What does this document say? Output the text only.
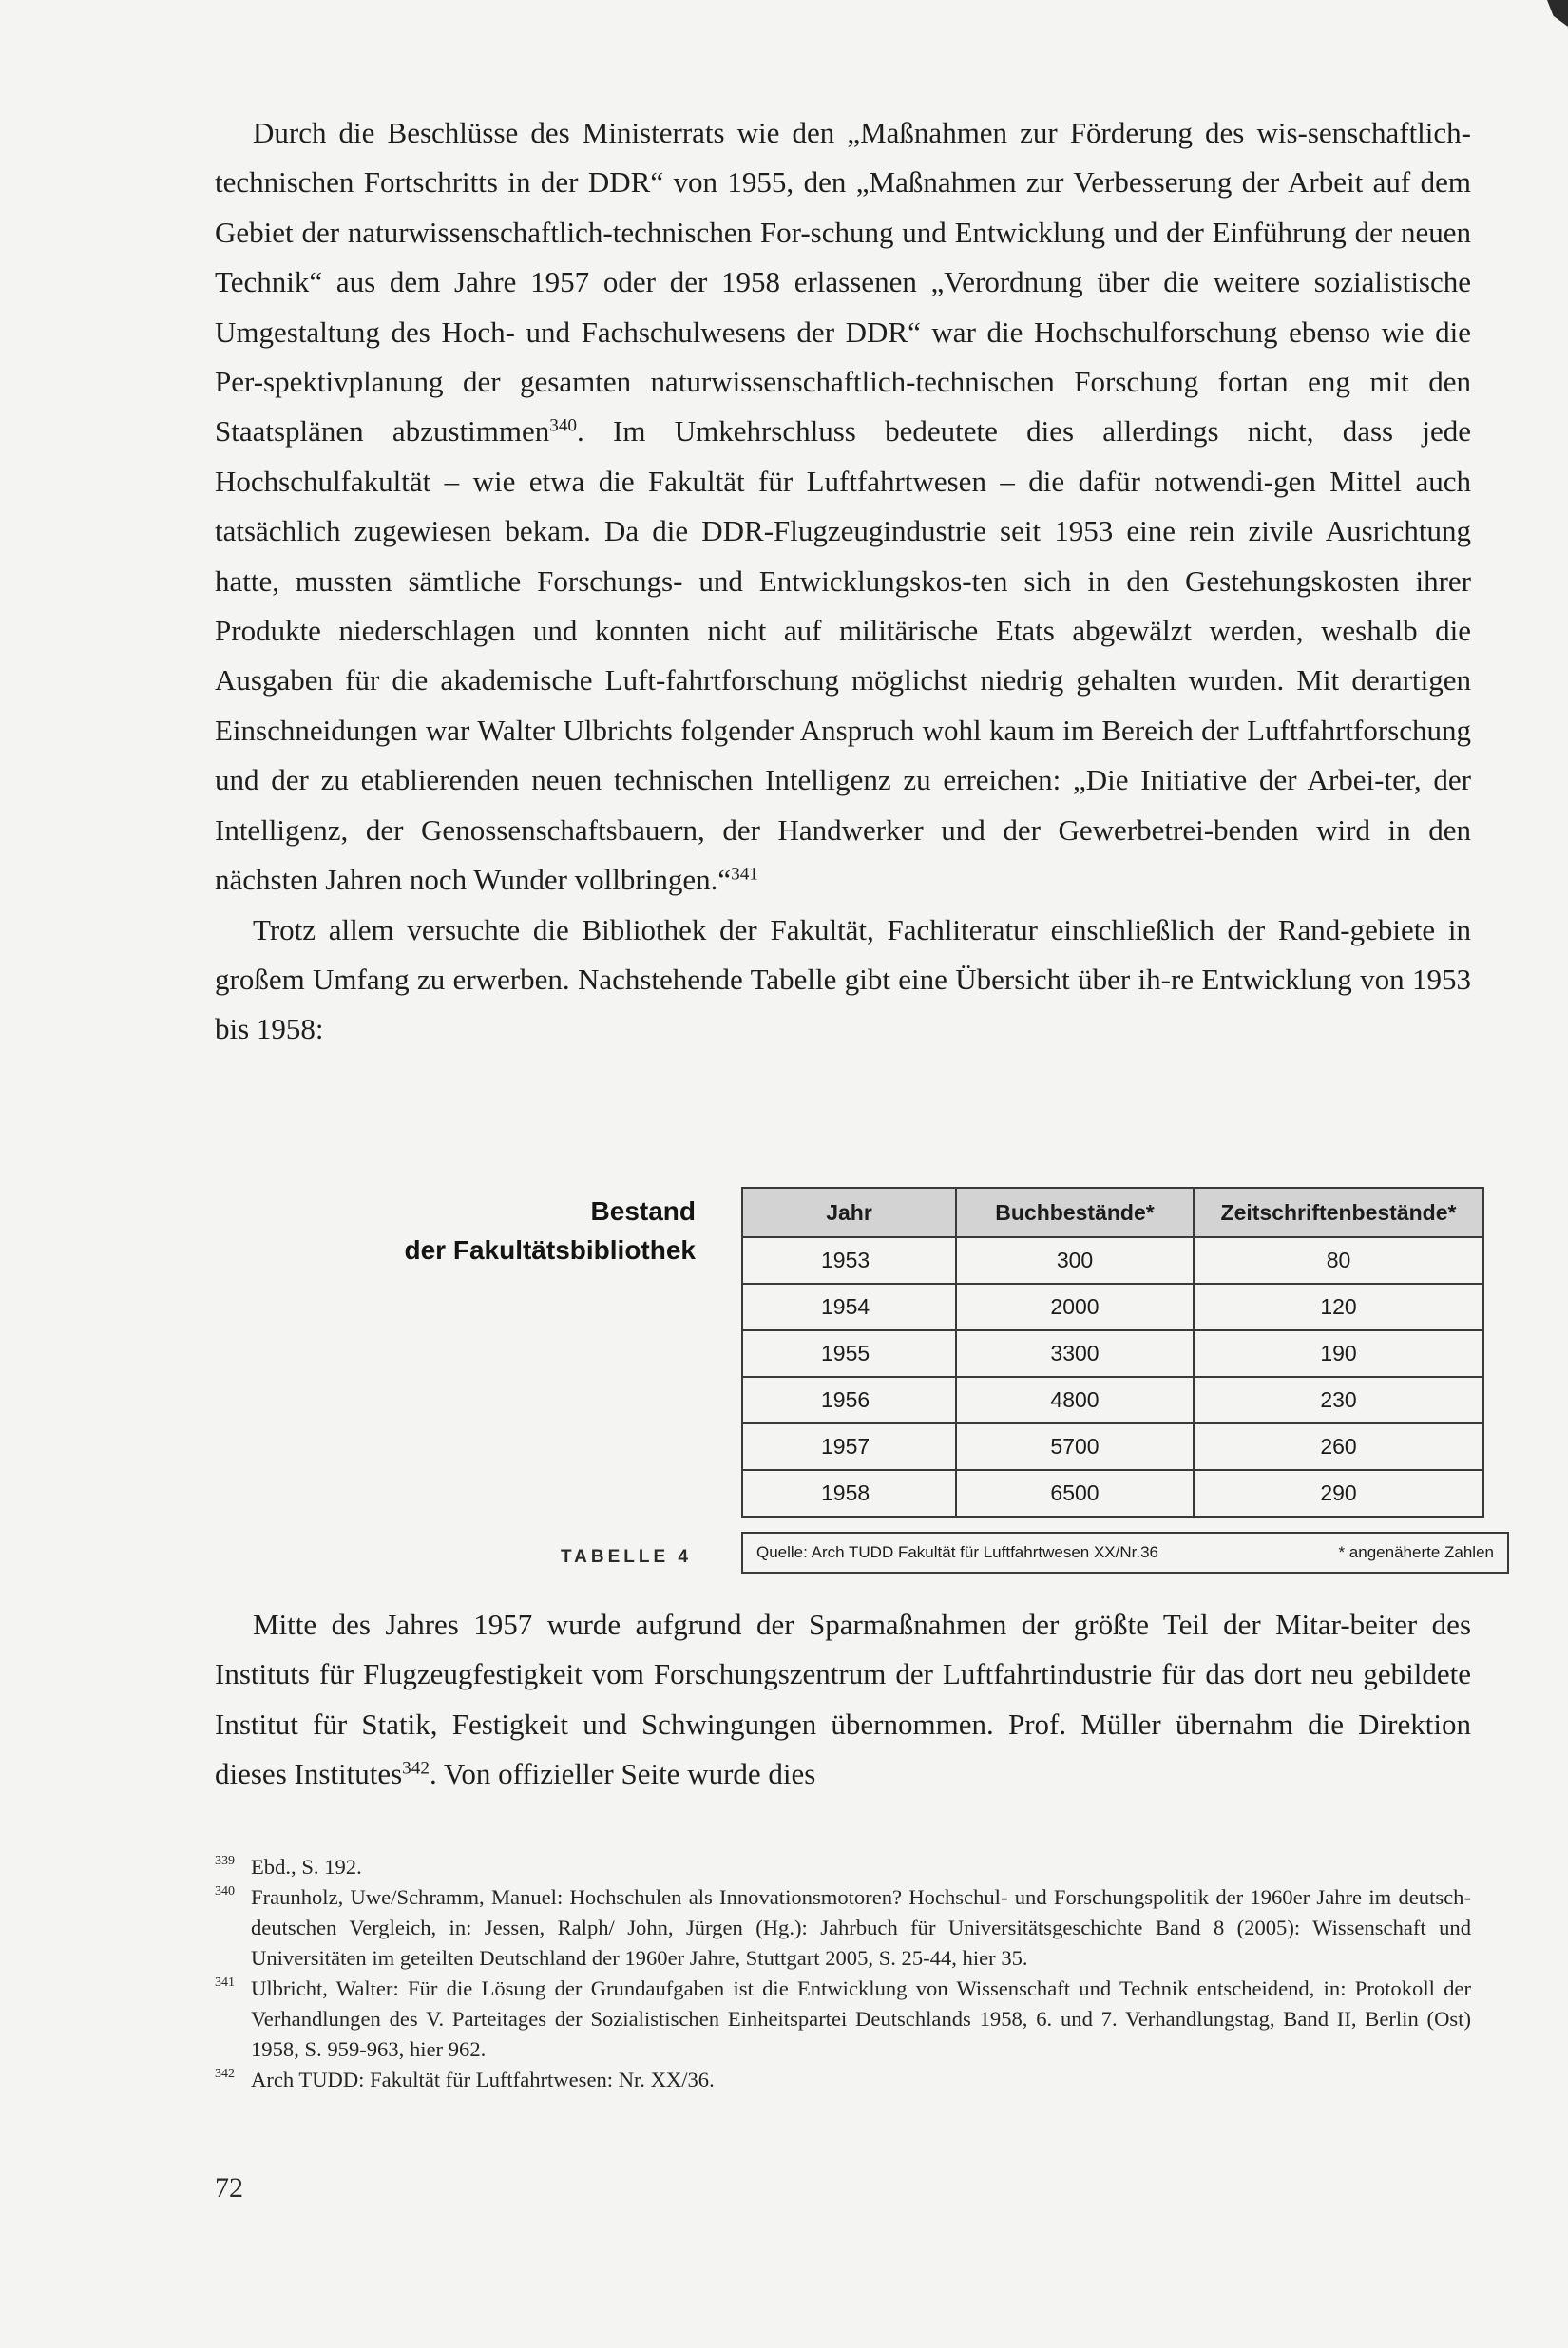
Durch die Beschlüsse des Ministerrats wie den „Maßnahmen zur Förderung des wis-senschaftlich-technischen Fortschritts in der DDR“ von 1955, den „Maßnahmen zur Verbesserung der Arbeit auf dem Gebiet der naturwissenschaftlich-technischen For-schung und Entwicklung und der Einführung der neuen Technik“ aus dem Jahre 1957 oder der 1958 erlassenen „Verordnung über die weitere sozialistische Umgestaltung des Hoch- und Fachschulwesens der DDR“ war die Hochschulforschung ebenso wie die Per-spektivplanung der gesamten naturwissenschaftlich-technischen Forschung fortan eng mit den Staatsplänen abzustimmen$^{340}$. Im Umkehrschluss bedeutete dies allerdings nicht, dass jede Hochschulfakultät – wie etwa die Fakultät für Luftfahrtwesen – die dafür notwendi-gen Mittel auch tatsächlich zugewiesen bekam. Da die DDR-Flugzeugindustrie seit 1953 eine rein zivile Ausrichtung hatte, mussten sämtliche Forschungs- und Entwicklungskos-ten sich in den Gestehungskosten ihrer Produkte niederschlagen und konnten nicht auf militärische Etats abgewälzt werden, weshalb die Ausgaben für die akademische Luft-fahrtforschung möglichst niedrig gehalten wurden. Mit derartigen Einschneidungen war Walter Ulbrichts folgender Anspruch wohl kaum im Bereich der Luftfahrtforschung und der zu etablierenden neuen technischen Intelligenz zu erreichen: „Die Initiative der Arbei-ter, der Intelligenz, der Genossenschaftsbauern, der Handwerker und der Gewerbetrei-benden wird in den nächsten Jahren noch Wunder vollbringen.“$^{341}$

Trotz allem versuchte die Bibliothek der Fakultät, Fachliteratur einschließlich der Rand-gebiete in großem Umfang zu erwerben. Nachstehende Tabelle gibt eine Übersicht über ih-re Entwicklung von 1953 bis 1958:

Bestand
der Fakultätsbibliothek
Jahr	Buchbestände*	Zeitschriftenbestände*
1953	300	80
1954	2000	120
1955	3300	190
1956	4800	230
1957	5700	260
1958	6500	290
Quelle: Arch TUDD Fakultät für Luftfahrtwesen XX/Nr.36	* angenäherte Zahlen
TABELLE 4

Mitte des Jahres 1957 wurde aufgrund der Sparmaßnahmen der größte Teil der Mitar-beiter des Instituts für Flugzeugfestigkeit vom Forschungszentrum der Luftfahrtindustrie für das dort neu gebildete Institut für Statik, Festigkeit und Schwingungen übernommen. Prof. Müller übernahm die Direktion dieses Institutes$^{342}$. Von offizieller Seite wurde dies

339 Ebd., S. 192.
340 Fraunholz, Uwe/Schramm, Manuel: Hochschulen als Innovationsmotoren? Hochschul- und Forschungspolitik der 1960er Jahre im deutsch-deutschen Vergleich, in: Jessen, Ralph/ John, Jürgen (Hg.): Jahrbuch für Universitätsgeschichte Band 8 (2005): Wissenschaft und Universitäten im geteilten Deutschland der 1960er Jahre, Stuttgart 2005, S. 25-44, hier 35.
341 Ulbricht, Walter: Für die Lösung der Grundaufgaben ist die Entwicklung von Wissenschaft und Technik entscheidend, in: Protokoll der Verhandlungen des V. Parteitages der Sozialistischen Einheitspartei Deutschlands 1958, 6. und 7. Verhandlungstag, Band II, Berlin (Ost) 1958, S. 959-963, hier 962.
342 Arch TUDD: Fakultät für Luftfahrtwesen: Nr. XX/36.
72
